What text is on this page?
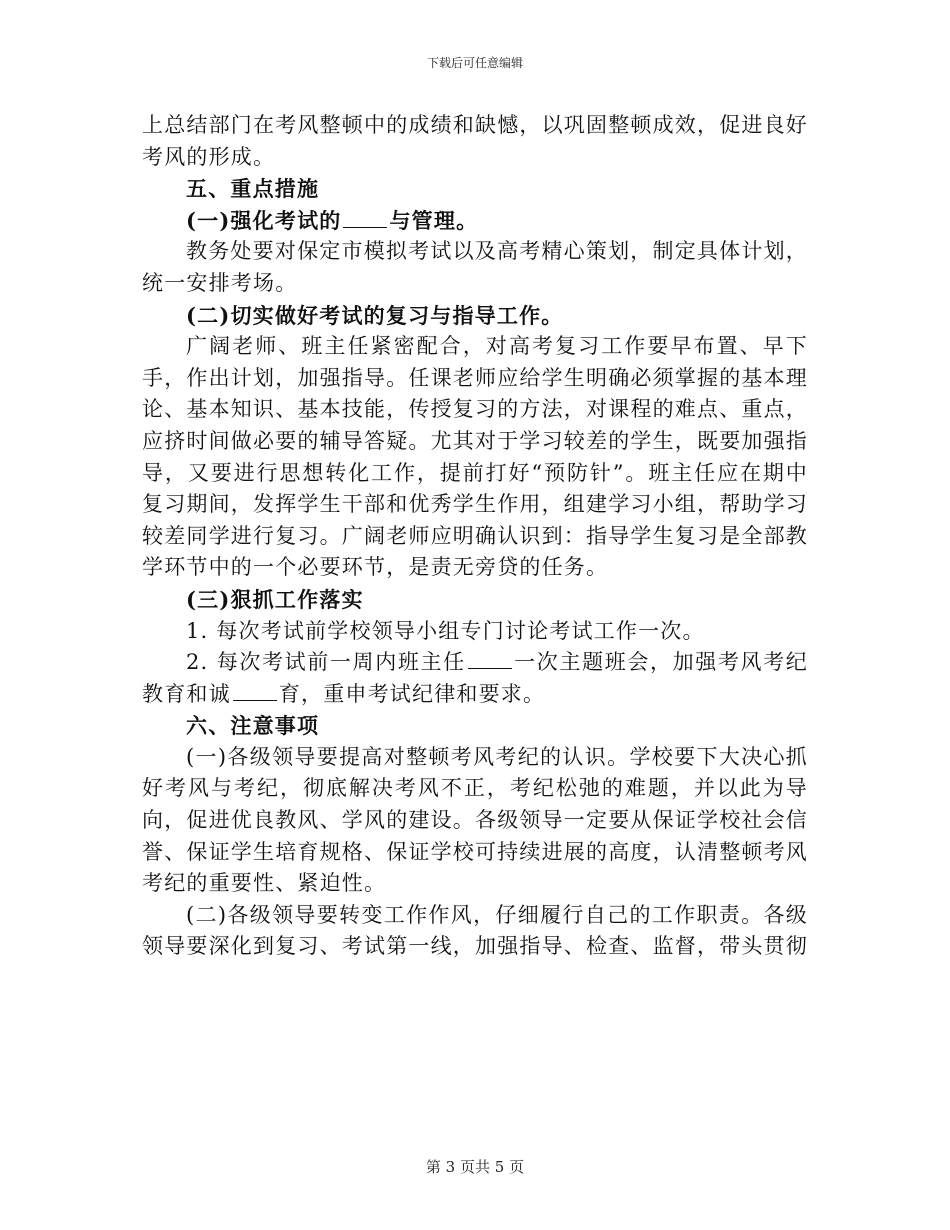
下载后可任意编辑

上总结部门在考风整顿中的成绩和缺憾，以巩固整顿成效，促进良好考风的形成。

五、重点措施

(一)强化考试的 与管理。

教务处要对保定市模拟考试以及高考精心策划，制定具体计划，统一安排考场。

(二)切实做好考试的复习与指导工作。

广阔老师、班主任紧密配合，对高考复习工作要早布置、早下手，作出计划，加强指导。任课老师应给学生明确必须掌握的基本理论、基本知识、基本技能，传授复习的方法，对课程的难点、重点，应挤时间做必要的辅导答疑。尤其对于学习较差的学生，既要加强指导，又要进行思想转化工作，提前打好“预防针”。班主任应在期中复习期间，发挥学生干部和优秀学生作用，组建学习小组，帮助学习较差同学进行复习。广阔老师应明确认识到：指导学生复习是全部教学环节中的一个必要环节，是责无旁贷的任务。

(三)狠抓工作落实

1. 每次考试前学校领导小组专门讨论考试工作一次。

2. 每次考试前一周内班主任 一次主题班会，加强考风考纪教育和诚 育，重申考试纪律和要求。

六、注意事项

(一)各级领导要提高对整顿考风考纪的认识。学校要下大决心抓好考风与考纪，彻底解决考风不正，考纪松弛的难题，并以此为导向，促进优良教风、学风的建设。各级领导一定要从保证学校社会信誉、保证学生培育规格、保证学校可持续进展的高度，认清整顿考风考纪的重要性、紧迫性。

(二)各级领导要转变工作作风，仔细履行自己的工作职责。各级领导要深化到复习、考试第一线，加强指导、检查、监督，带头贯彻

第 3 页共 5 页
